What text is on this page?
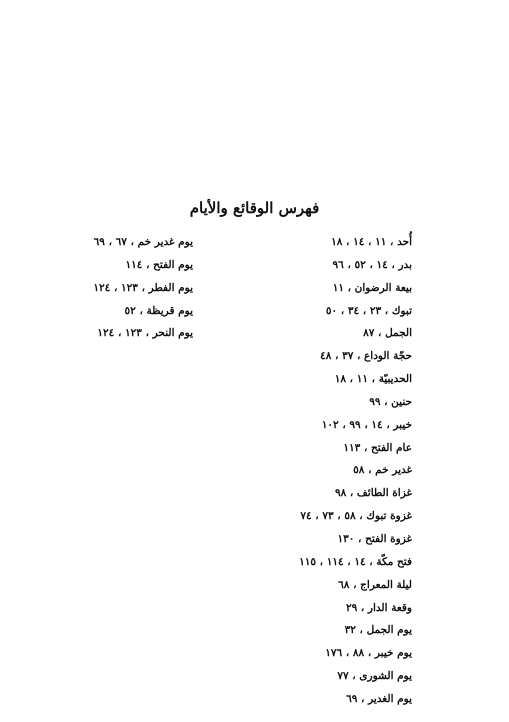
فهرس الوقائع والأيام
أُحد ، ١١ ، ١٤ ، ١٨
بدر ، ١٤ ، ٥٢ ، ٩٦
بيعة الرضوان ، ١١
تبوك ، ٢٣ ، ٣٤ ، ٥٠
الجمل ، ٨٧
حجّة الوداع ، ٣٧ ، ٤٨
الحديبيّة ، ١١ ، ١٨
حنين ، ٩٩
خيبر ، ١٤ ، ٩٩ ، ١٠٢
عام الفتح ، ١١٣
غدير خم ، ٥٨
غزاة الطائف ، ٩٨
غزوة تبوك ، ٥٨ ، ٧٣ ، ٧٤
غزوة الفتح ، ١٣٠
فتح مكّة ، ١٤ ، ١١٤ ، ١١٥
ليلة المعراج ، ٦٨
وقعة الدار ، ٢٩
يوم الجمل ، ٣٢
يوم خيبر ، ٨٨ ، ١٧٦
يوم الشورى ، ٧٧
يوم الغدير ، ٦٩
يوم غدير خم ، ٦٧ ، ٦٩
يوم الفتح ، ١١٤
يوم الفطر ، ١٢٣ ، ١٢٤
يوم قريظة ، ٥٢
يوم النحر ، ١٢٣ ، ١٢٤
